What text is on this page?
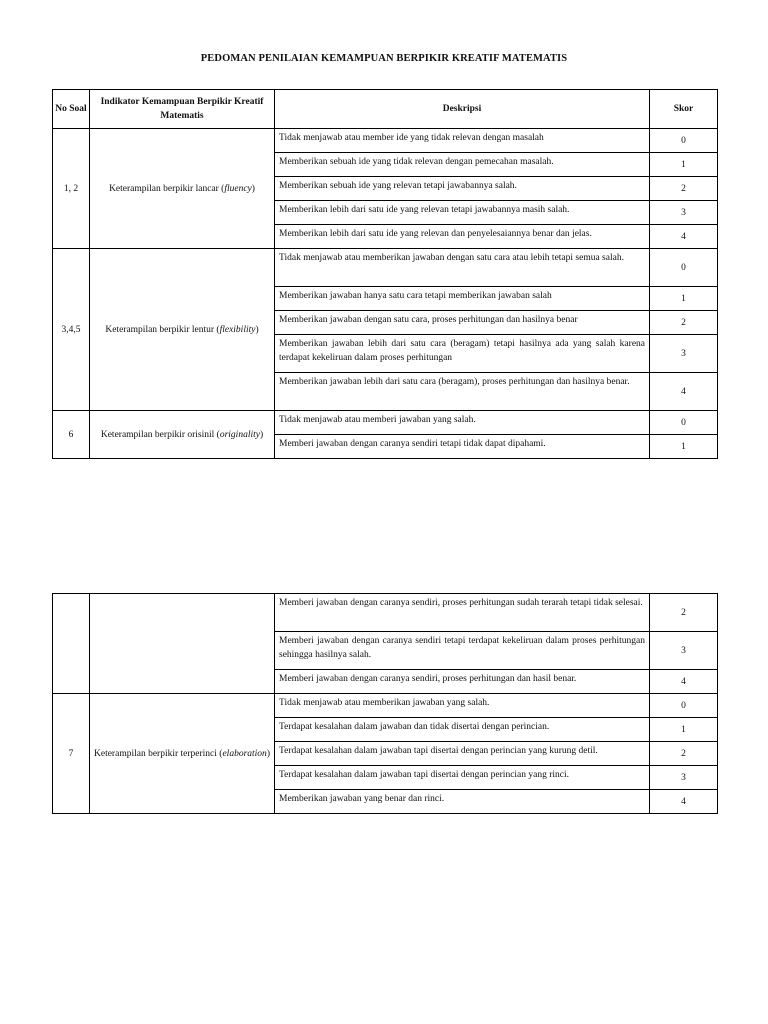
PEDOMAN PENILAIAN KEMAMPUAN BERPIKIR KREATIF MATEMATIS
No Soal	Indikator Kemampuan Berpikir Kreatif Matematis	Deskripsi	Skor
1, 2	Keterampilan berpikir lancar (fluency)	Tidak menjawab atau member ide yang tidak relevan dengan masalah	0
		Memberikan sebuah ide yang tidak relevan dengan pemecahan masalah.	1
		Memberikan sebuah ide yang relevan tetapi jawabannya salah.	2
		Memberikan lebih dari satu ide yang relevan tetapi jawabannya masih salah.	3
		Memberikan lebih dari satu ide yang relevan dan penyelesaiannya benar dan jelas.	4
3,4,5	Keterampilan berpikir lentur (flexibility)	Tidak menjawab atau memberikan jawaban dengan satu cara atau lebih tetapi semua salah.	0
		Memberikan jawaban hanya satu cara tetapi memberikan jawaban salah	1
		Memberikan jawaban dengan satu cara, proses perhitungan dan hasilnya benar	2
		Memberikan jawaban lebih dari satu cara (beragam) tetapi hasilnya ada yang salah karena terdapat kekeliruan dalam proses perhitungan	3
		Memberikan jawaban lebih dari satu cara (beragam), proses perhitungan dan hasilnya benar.	4
6	Keterampilan berpikir orisinil (originality)	Tidak menjawab atau memberi jawaban yang salah.	0
		Memberi jawaban dengan caranya sendiri tetapi tidak dapat dipahami.	1
		Memberi jawaban dengan caranya sendiri, proses perhitungan sudah terarah tetapi tidak selesai.	2
		Memberi jawaban dengan caranya sendiri tetapi terdapat kekeliruan dalam proses perhitungan sehingga hasilnya salah.	3
		Memberi jawaban dengan caranya sendiri, proses perhitungan dan hasil benar.	4
7	Keterampilan berpikir terperinci (elaboration)	Tidak menjawab atau memberikan jawaban yang salah.	0
		Terdapat kesalahan dalam jawaban dan tidak disertai dengan perincian.	1
		Terdapat kesalahan dalam jawaban tapi disertai dengan perincian yang kurung detil.	2
		Terdapat kesalahan dalam jawaban tapi disertai dengan perincian yang rinci.	3
		Memberikan jawaban yang benar dan rinci.	4
